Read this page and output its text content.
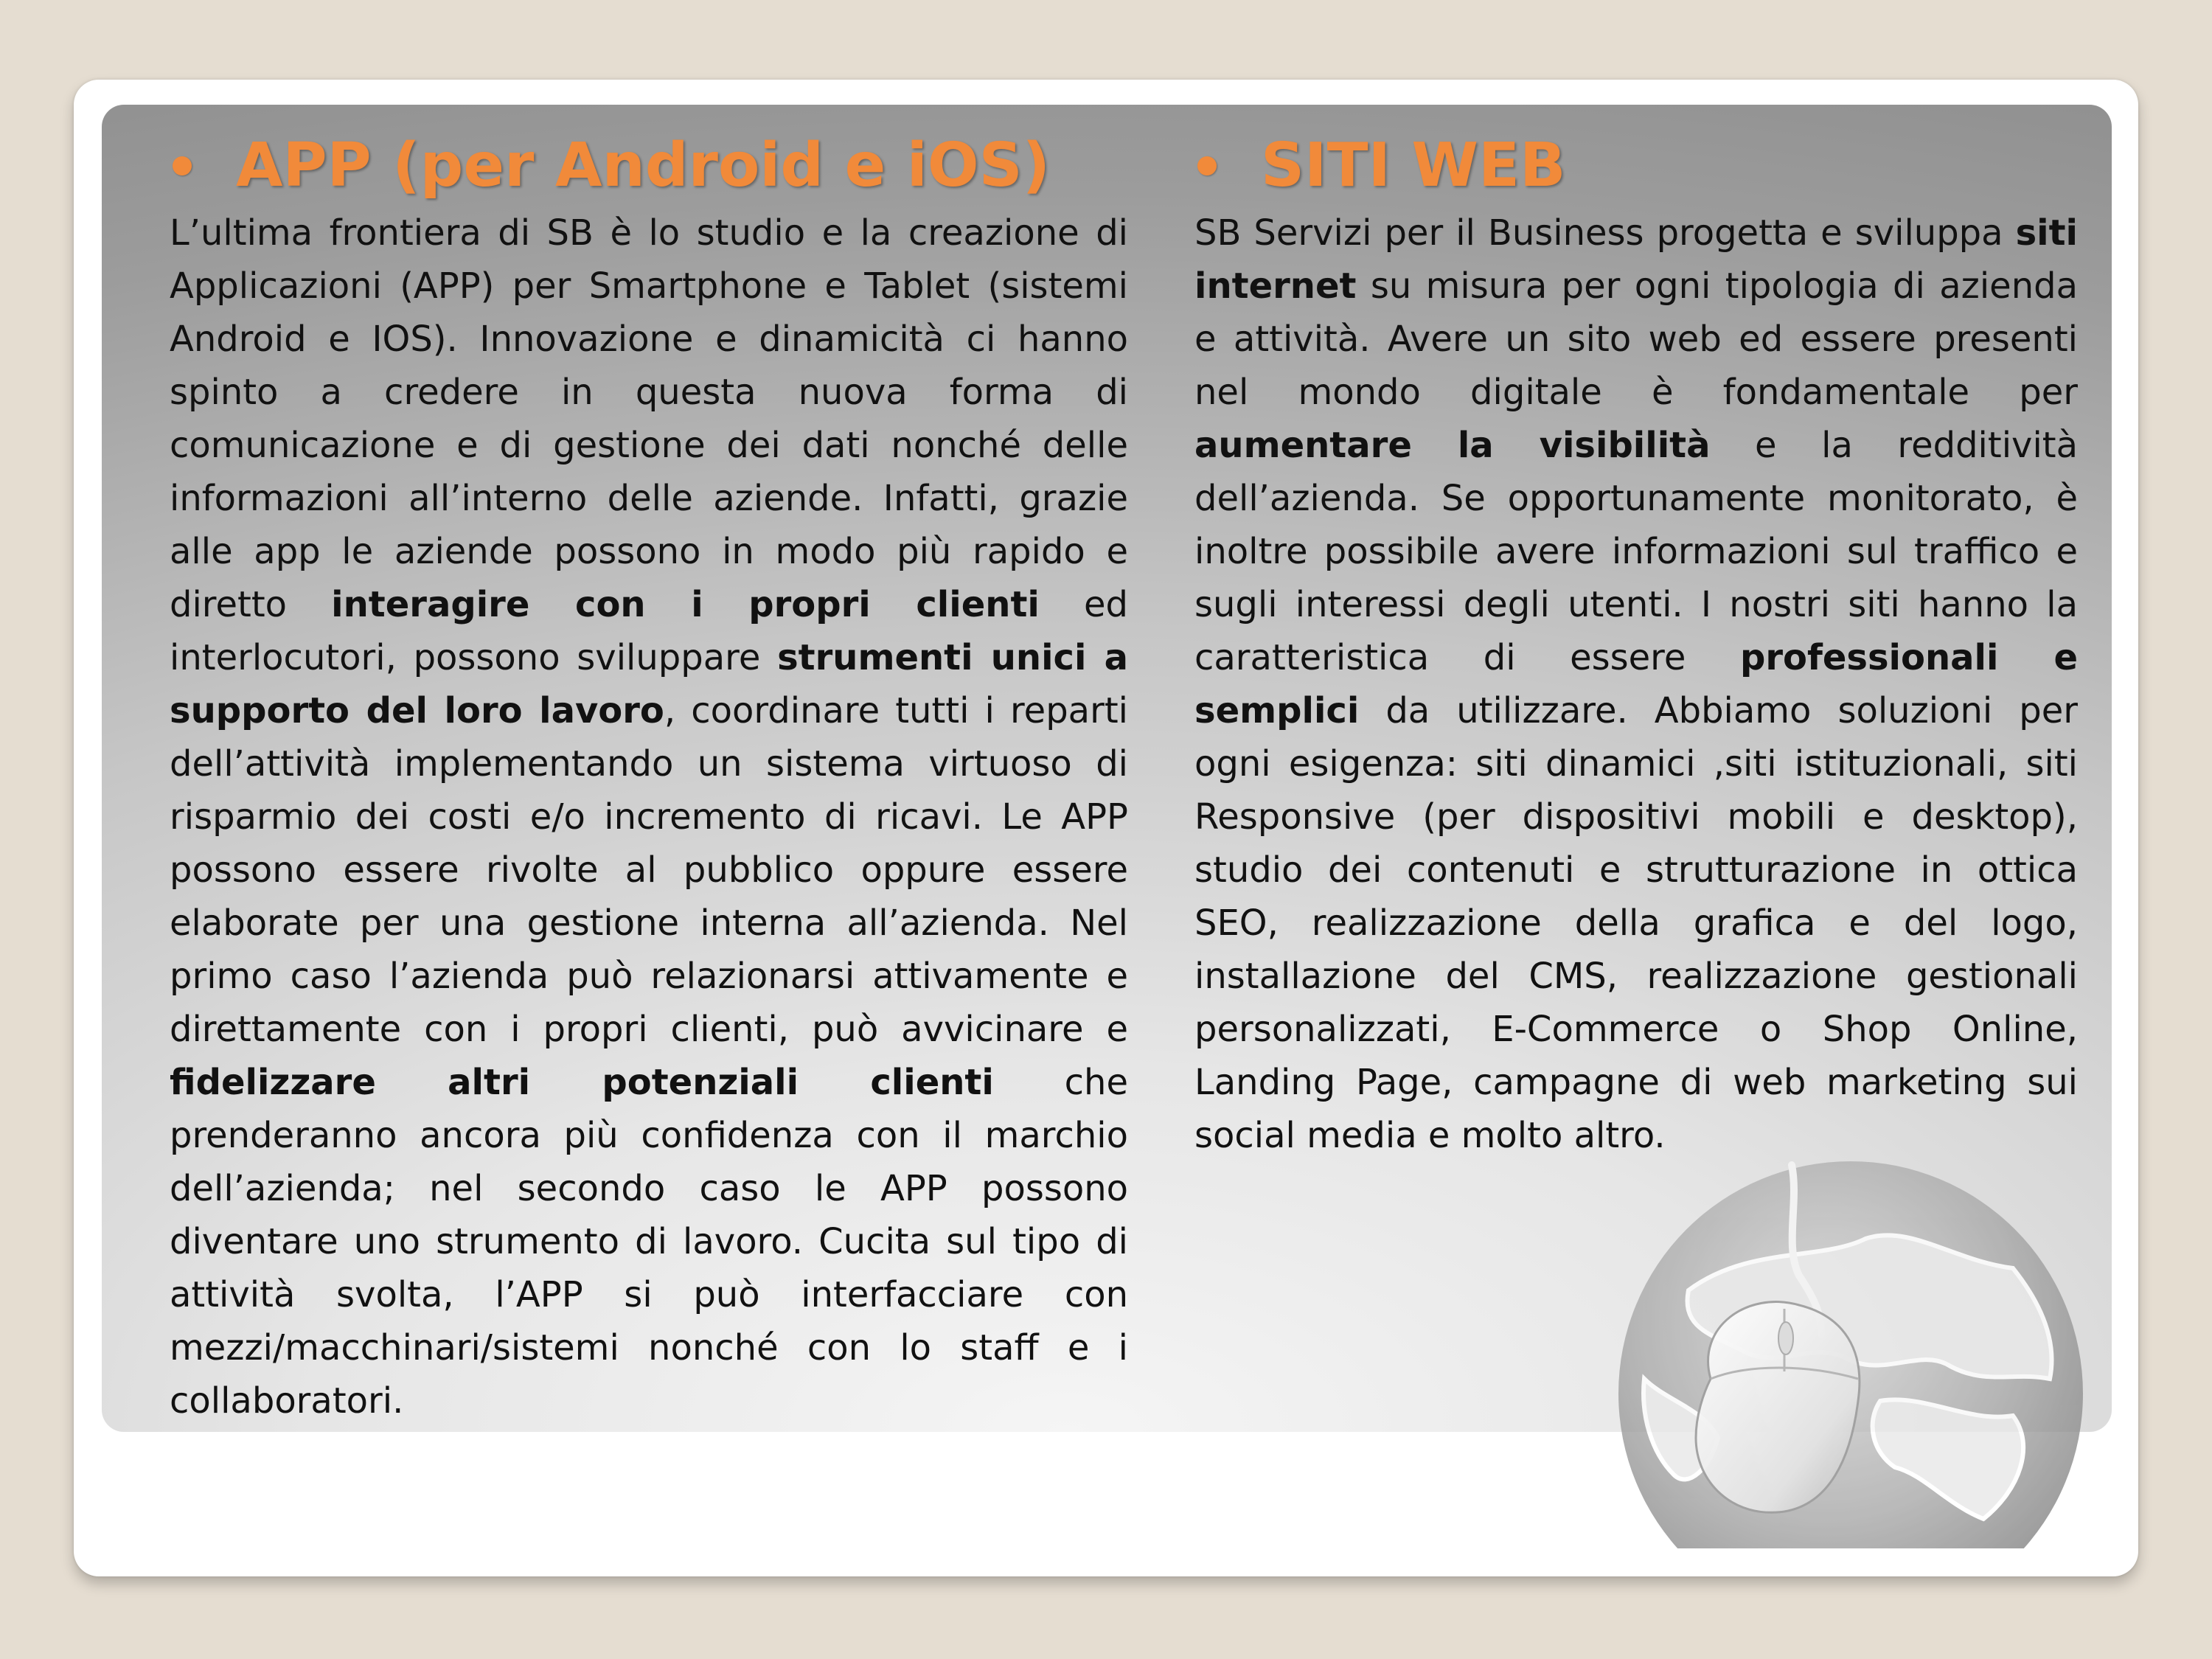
APP (per Android e iOS)

L’ultima frontiera di SB è lo studio e la creazione di Applicazioni (APP) per Smartphone e Tablet (sistemi Android e IOS). Innovazione e dinamicità ci hanno spinto a credere in questa nuova forma di comunicazione e di gestione dei dati nonché delle informazioni all’interno delle aziende. Infatti, grazie alle app le aziende possono in modo più rapido e diretto interagire con i propri clienti ed interlocutori, possono sviluppare strumenti unici a supporto del loro lavoro, coordinare tutti i reparti dell’attività implementando un sistema virtuoso di risparmio dei costi e/o incremento di ricavi. Le APP possono essere rivolte al pubblico oppure essere elaborate per una gestione interna all’azienda. Nel primo caso l’azienda può relazionarsi attivamente e direttamente con i propri clienti, può avvicinare e fidelizzare altri potenziali clienti che prenderanno ancora più confidenza con il marchio dell’azienda; nel secondo caso le APP possono diventare uno strumento di lavoro. Cucita sul tipo di attività svolta, l’APP si può interfacciare con mezzi/macchinari/sistemi nonché con lo staff e i collaboratori.

SITI WEB

SB Servizi per il Business progetta e sviluppa siti internet su misura per ogni tipologia di azienda e attività. Avere un sito web ed essere presenti nel mondo digitale è fondamentale per aumentare la visibilità e la redditività dell’azienda. Se opportunamente monitorato, è inoltre possibile avere informazioni sul traffico e sugli interessi degli utenti. I nostri siti hanno la caratteristica di essere professionali e semplici da utilizzare. Abbiamo soluzioni per ogni esigenza: siti dinamici ,siti istituzionali, siti Responsive (per dispositivi mobili e desktop), studio dei contenuti e strutturazione in ottica SEO, realizzazione della grafica e del logo, installazione del CMS, realizzazione gestionali personalizzati, E-Commerce o Shop Online, Landing Page, campagne di web marketing sui social media e molto altro.
